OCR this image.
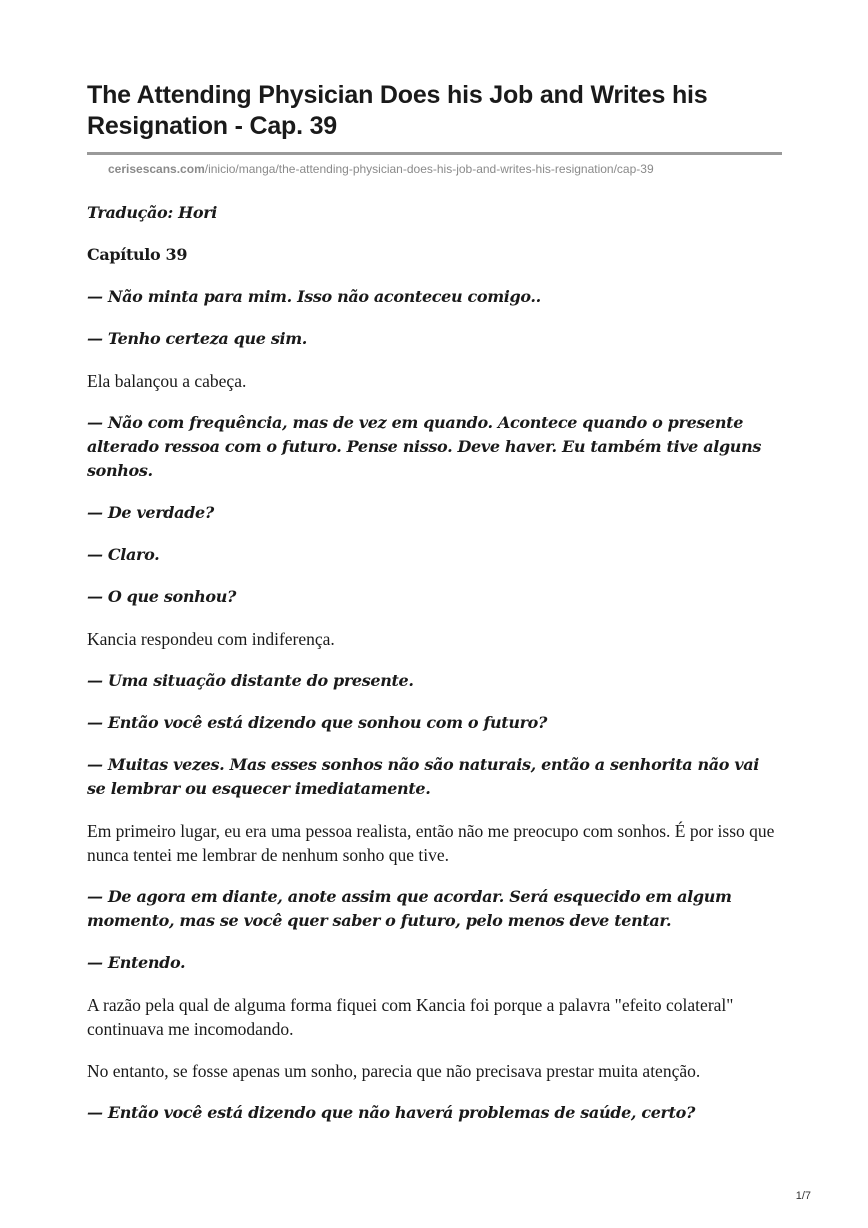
The Attending Physician Does his Job and Writes his Resignation - Cap. 39
cerisescans.com/inicio/manga/the-attending-physician-does-his-job-and-writes-his-resignation/cap-39

Tradução: Hori

Capítulo 39

— Não minta para mim. Isso não aconteceu comigo..

— Tenho certeza que sim.

Ela balançou a cabeça.

— Não com frequência, mas de vez em quando. Acontece quando o presente alterado ressoa com o futuro. Pense nisso. Deve haver. Eu também tive alguns sonhos.

— De verdade?

— Claro.

— O que sonhou?

Kancia respondeu com indiferença.

— Uma situação distante do presente.

— Então você está dizendo que sonhou com o futuro?

— Muitas vezes. Mas esses sonhos não são naturais, então a senhorita não vai se lembrar ou esquecer imediatamente.

Em primeiro lugar, eu era uma pessoa realista, então não me preocupo com sonhos. É por isso que nunca tentei me lembrar de nenhum sonho que tive.

— De agora em diante, anote assim que acordar. Será esquecido em algum momento, mas se você quer saber o futuro, pelo menos deve tentar.

— Entendo.

A razão pela qual de alguma forma fiquei com Kancia foi porque a palavra "efeito colateral" continuava me incomodando.

No entanto, se fosse apenas um sonho, parecia que não precisava prestar muita atenção.

— Então você está dizendo que não haverá problemas de saúde, certo?

1/7
